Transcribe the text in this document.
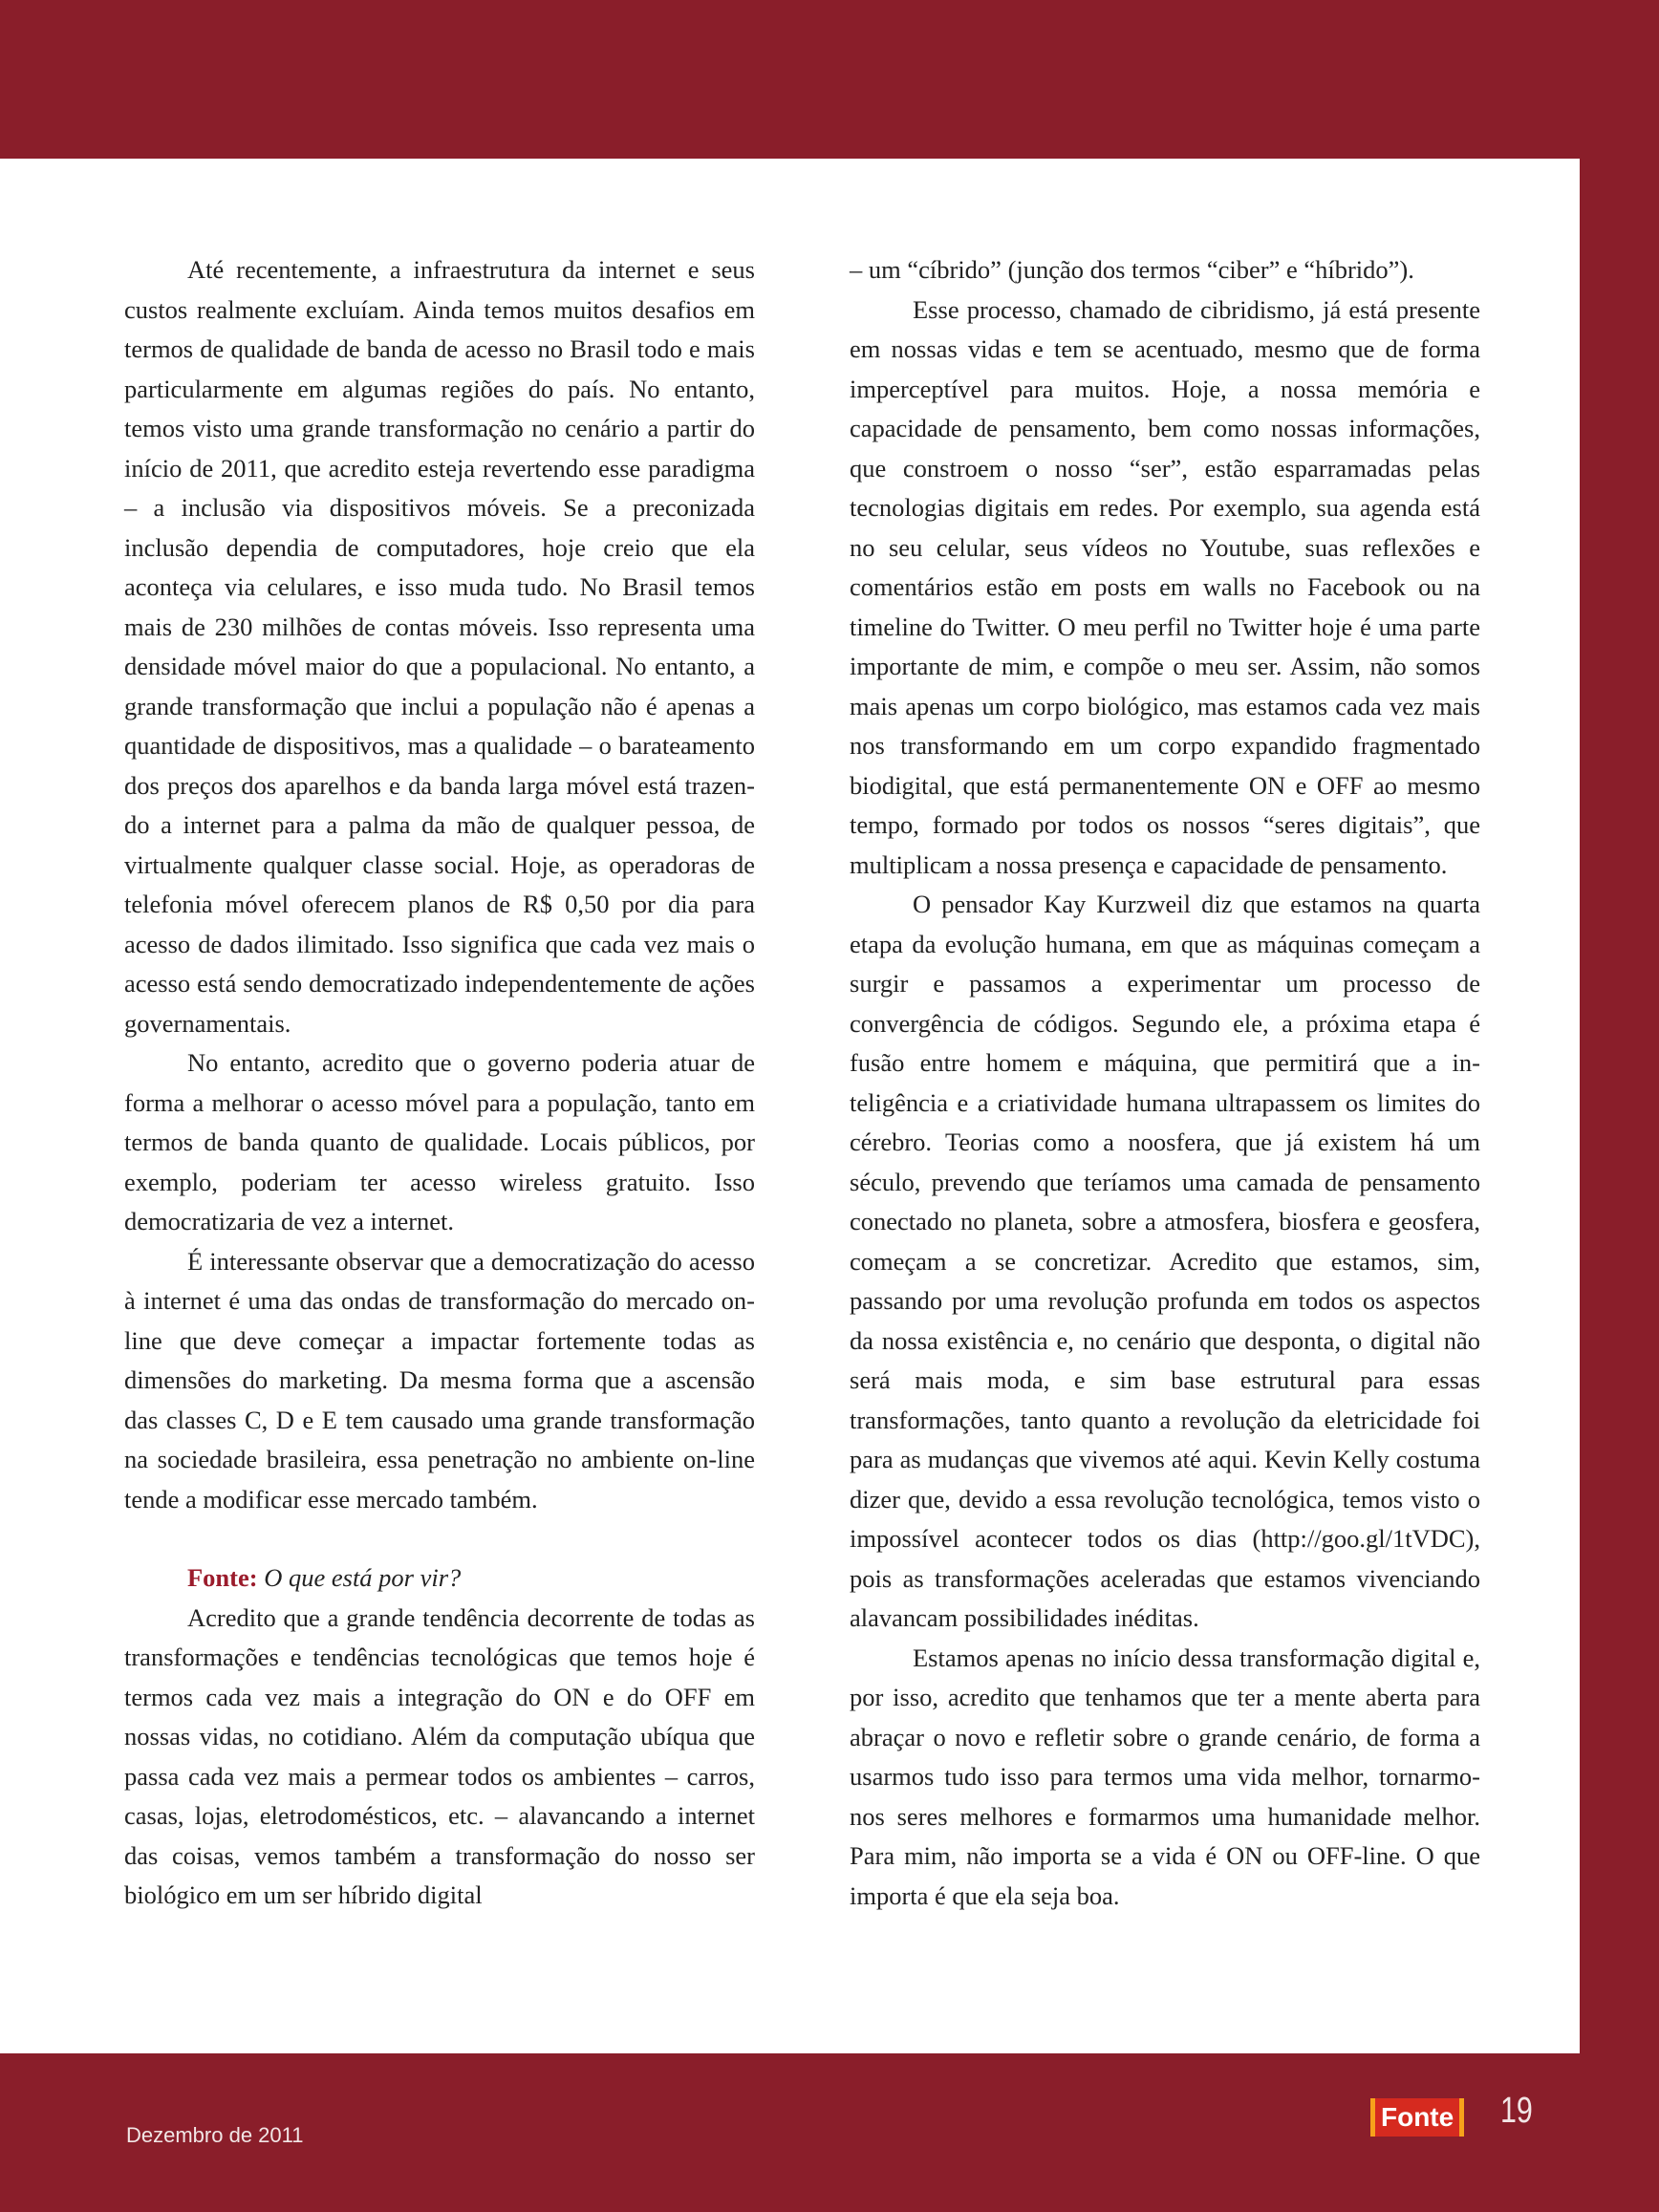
Até recentemente, a infraestrutura da internet e seus custos realmente excluíam. Ainda temos muitos desafios em termos de qualidade de banda de acesso no Brasil todo e mais particularmente em algumas regiões do país. No entanto, temos visto uma grande transformação no cenário a partir do início de 2011, que acredito esteja revertendo esse paradigma – a inclusão via dispositivos móveis. Se a preconizada inclusão dependia de computadores, hoje creio que ela aconteça via celulares, e isso muda tudo. No Brasil temos mais de 230 milhões de contas móveis. Isso representa uma densidade móvel maior do que a populacional. No entanto, a grande transformação que inclui a população não é apenas a quantidade de dispositivos, mas a qualidade – o barateamento dos preços dos aparelhos e da banda larga móvel está trazendo a internet para a palma da mão de qualquer pessoa, de virtualmente qualquer classe social. Hoje, as operadoras de telefonia móvel oferecem planos de R$ 0,50 por dia para acesso de dados ilimitado. Isso significa que cada vez mais o acesso está sendo democratizado independentemente de ações governamentais.

No entanto, acredito que o governo poderia atuar de forma a melhorar o acesso móvel para a população, tanto em termos de banda quanto de qualidade. Locais públicos, por exemplo, poderiam ter acesso wireless gratuito. Isso democratizaria de vez a internet.

É interessante observar que a democratização do acesso à internet é uma das ondas de transformação do mercado on-line que deve começar a impactar fortemente todas as dimensões do marketing. Da mesma forma que a ascensão das classes C, D e E tem causado uma grande transformação na sociedade brasileira, essa penetração no ambiente on-line tende a modificar esse mercado também.

Fonte: O que está por vir?

Acredito que a grande tendência decorrente de todas as transformações e tendências tecnológicas que temos hoje é termos cada vez mais a integração do ON e do OFF em nossas vidas, no cotidiano. Além da computação ubíqua que passa cada vez mais a permear todos os ambientes – carros, casas, lojas, eletrodomésticos, etc. – alavancando a internet das coisas, vemos também a transformação do nosso ser biológico em um ser híbrido digital

– um “cíbrido” (junção dos termos “ciber” e “híbrido”).

Esse processo, chamado de cibridismo, já está presente em nossas vidas e tem se acentuado, mesmo que de forma imperceptível para muitos. Hoje, a nossa memória e capacidade de pensamento, bem como nossas informações, que constroem o nosso “ser”, estão esparramadas pelas tecnologias digitais em redes. Por exemplo, sua agenda está no seu celular, seus vídeos no Youtube, suas reflexões e comentários estão em posts em walls no Facebook ou na timeline do Twitter. O meu perfil no Twitter hoje é uma parte importante de mim, e compõe o meu ser. Assim, não somos mais apenas um corpo biológico, mas estamos cada vez mais nos transformando em um corpo expandido fragmentado biodigital, que está permanentemente ON e OFF ao mesmo tempo, formado por todos os nossos “seres digitais”, que multiplicam a nossa presença e capacidade de pensamento.

O pensador Kay Kurzweil diz que estamos na quarta etapa da evolução humana, em que as máquinas começam a surgir e passamos a experimentar um processo de convergência de códigos. Segundo ele, a próxima etapa é fusão entre homem e máquina, que permitirá que a inteligência e a criatividade humana ultrapassem os limites do cérebro. Teorias como a noosfera, que já existem há um século, prevendo que teríamos uma camada de pensamento conectado no planeta, sobre a atmosfera, biosfera e geosfera, começam a se concretizar. Acredito que estamos, sim, passando por uma revolução profunda em todos os aspectos da nossa existência e, no cenário que desponta, o digital não será mais moda, e sim base estrutural para essas transformações, tanto quanto a revolução da eletricidade foi para as mudanças que vivemos até aqui. Kevin Kelly costuma dizer que, devido a essa revolução tecnológica, temos visto o impossível acontecer todos os dias (http://goo.gl/1tVDC), pois as transformações aceleradas que estamos vivenciando alavancam possibilidades inéditas.

Estamos apenas no início dessa transformação digital e, por isso, acredito que tenhamos que ter a mente aberta para abraçar o novo e refletir sobre o grande cenário, de forma a usarmos tudo isso para termos uma vida melhor, tornarmo-nos seres melhores e formarmos uma humanidade melhor. Para mim, não importa se a vida é ON ou OFF-line. O que importa é que ela seja boa.

Dezembro de 2011
Fonte 19
